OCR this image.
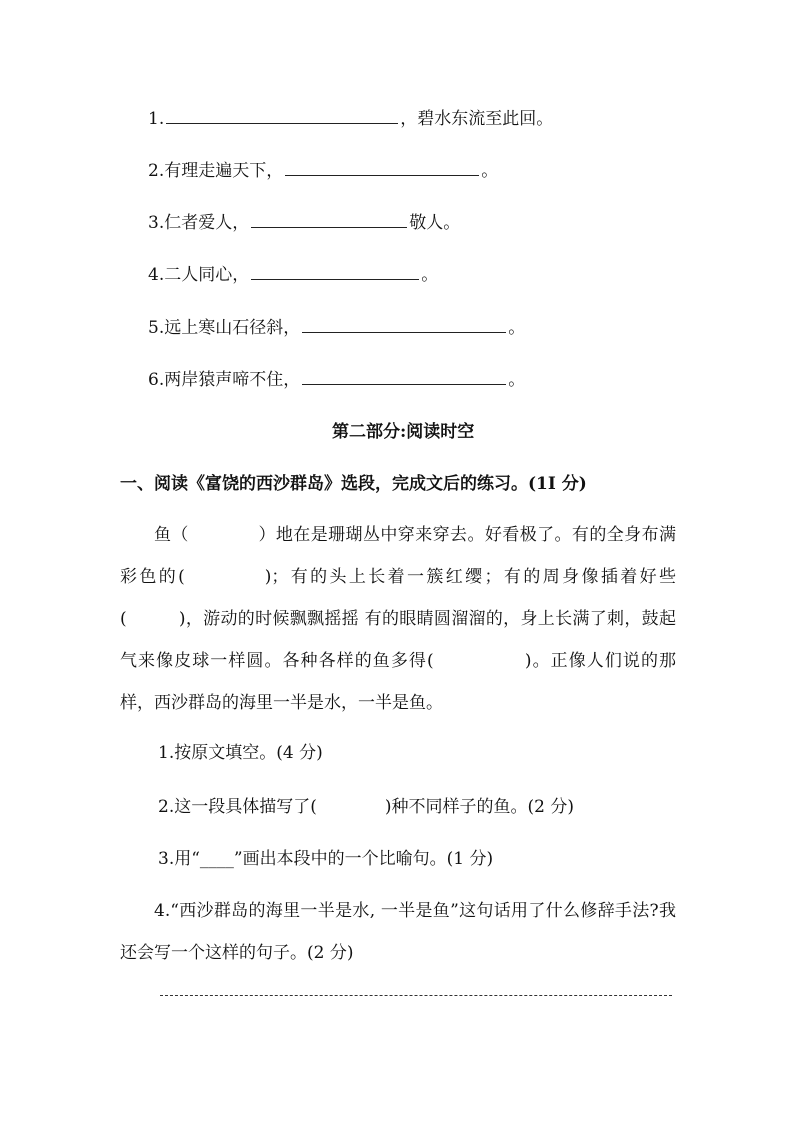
1.	，碧水东流至此回。
2.有理走遍天下，	。
3.仁者爱人，	敬人。
4.二人同心，	。
5.远上寒山石径斜，	。
6.两岸猿声啼不住，	。
第二部分:阅读时空
一、阅读《富饶的西沙群岛》选段，完成文后的练习。(1I 分)
鱼（　　　　）地在是珊瑚丛中穿来穿去。好看极了。有的全身布满彩色的(　　　　)；有的头上长着一簇红缨；有的周身像插着好些(　　　)，游动的时候飘飘摇摇 有的眼睛圆溜溜的，身上长满了刺，鼓起气来像皮球一样圆。各种各样的鱼多得(　　　　　)。正像人们说的那样，西沙群岛的海里一半是水，一半是鱼。
1.按原文填空。(4 分)
2.这一段具体描写了(　　　　)种不同样子的鱼。(2 分)
3.用“____”画出本段中的一个比喻句。(1 分)
4.“西沙群岛的海里一半是水, 一半是鱼”这句话用了什么修辞手法?我还会写一个这样的句子。(2 分)
